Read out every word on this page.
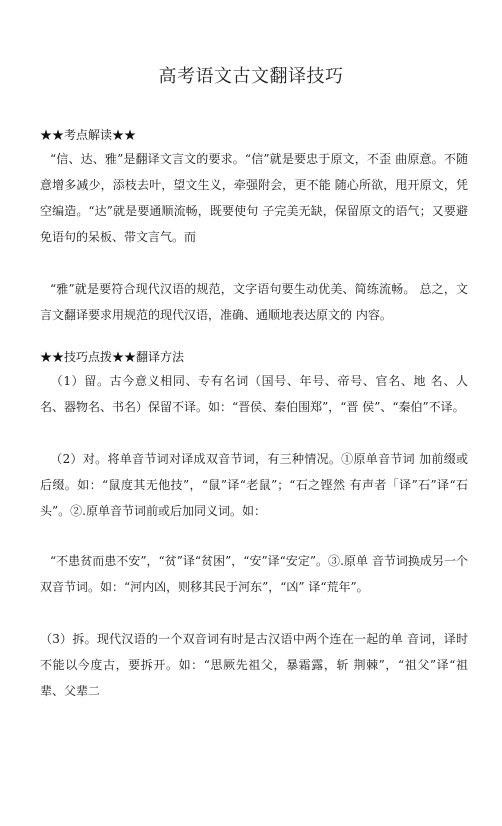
高考语文古文翻译技巧
★★考点解读★★
“信、达、雅”是翻译文言文的要求。“信”就是要忠于原文，不歪 曲原意。不随意增多减少，添枝去叶，望文生义，牵强附会，更不能 随心所欲，甩开原文，凭空编造。“达”就是要通顺流畅，既要使句 子完美无缺，保留原文的语气；又要避免语句的呆板、带文言气。而
“雅”就是要符合现代汉语的规范，文字语句要生动优美、简练流畅。 总之，文言文翻译要求用规范的现代汉语，准确、通顺地表达原文的 内容。
★★技巧点拨★★翻译方法
（1）留。古今意义相同、专有名词（国号、年号、帝号、官名、地 名、人名、器物名、书名）保留不译。如：“晋侯、秦伯围郑”，“晋 侯”、“秦伯”不译。
（2）对。将单音节词对译成双音节词，有三种情况。①原单音节词 加前缀或后缀。如：“鼠度其无他技”，“鼠”译“老鼠”；“石之铿然 有声者「译”石”译“石头”。②.原单音节词前或后加同义词。如：
“不患贫而患不安”，“贫”译“贫困”，“安”译“安定”。③.原单 音节词换成另一个双音节词。如：“河内凶，则移其民于河东”，“凶” 译“荒年”。
（3）拆。现代汉语的一个双音词有时是古汉语中两个连在一起的单 音词，译时不能以今度古，要拆开。如：“思厥先祖父，暴霜露，斩 荆棘”，“祖父”译“祖辈、父辈二
